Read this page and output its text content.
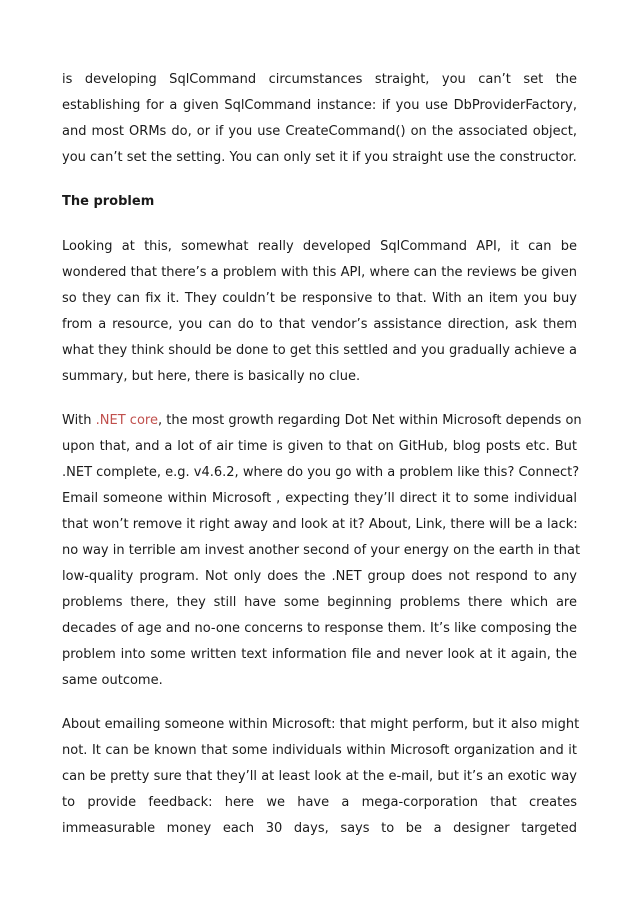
is developing SqlCommand circumstances straight, you can’t set the
establishing for a given SqlCommand instance: if you use DbProviderFactory,
and most ORMs do, or if you use CreateCommand() on the associated object,
you can’t set the setting. You can only set it if you straight use the constructor.
The problem
Looking at this, somewhat really developed SqlCommand API, it can be
wondered that there’s a problem with this API, where can the reviews be given
so they can fix it. They couldn’t be responsive to that. With an item you buy
from a resource, you can do to that vendor’s assistance direction, ask them
what they think should be done to get this settled and you gradually achieve a
summary, but here, there is basically no clue.
With .NET core, the most growth regarding Dot Net within Microsoft depends on
upon that, and a lot of air time is given to that on GitHub, blog posts etc. But
.NET complete, e.g. v4.6.2, where do you go with a problem like this? Connect?
Email someone within Microsoft , expecting they’ll direct it to some individual
that won’t remove it right away and look at it? About, Link, there will be a lack:
no way in terrible am invest another second of your energy on the earth in that
low-quality program. Not only does the .NET group does not respond to any
problems there, they still have some beginning problems there which are
decades of age and no-one concerns to response them. It’s like composing the
problem into some written text information file and never look at it again, the
same outcome.
About emailing someone within Microsoft: that might perform, but it also might
not. It can be known that some individuals within Microsoft organization and it
can be pretty sure that they’ll at least look at the e-mail, but it’s an exotic way
to provide feedback: here we have a mega-corporation that creates
immeasurable money each 30 days, says to be a designer targeted
